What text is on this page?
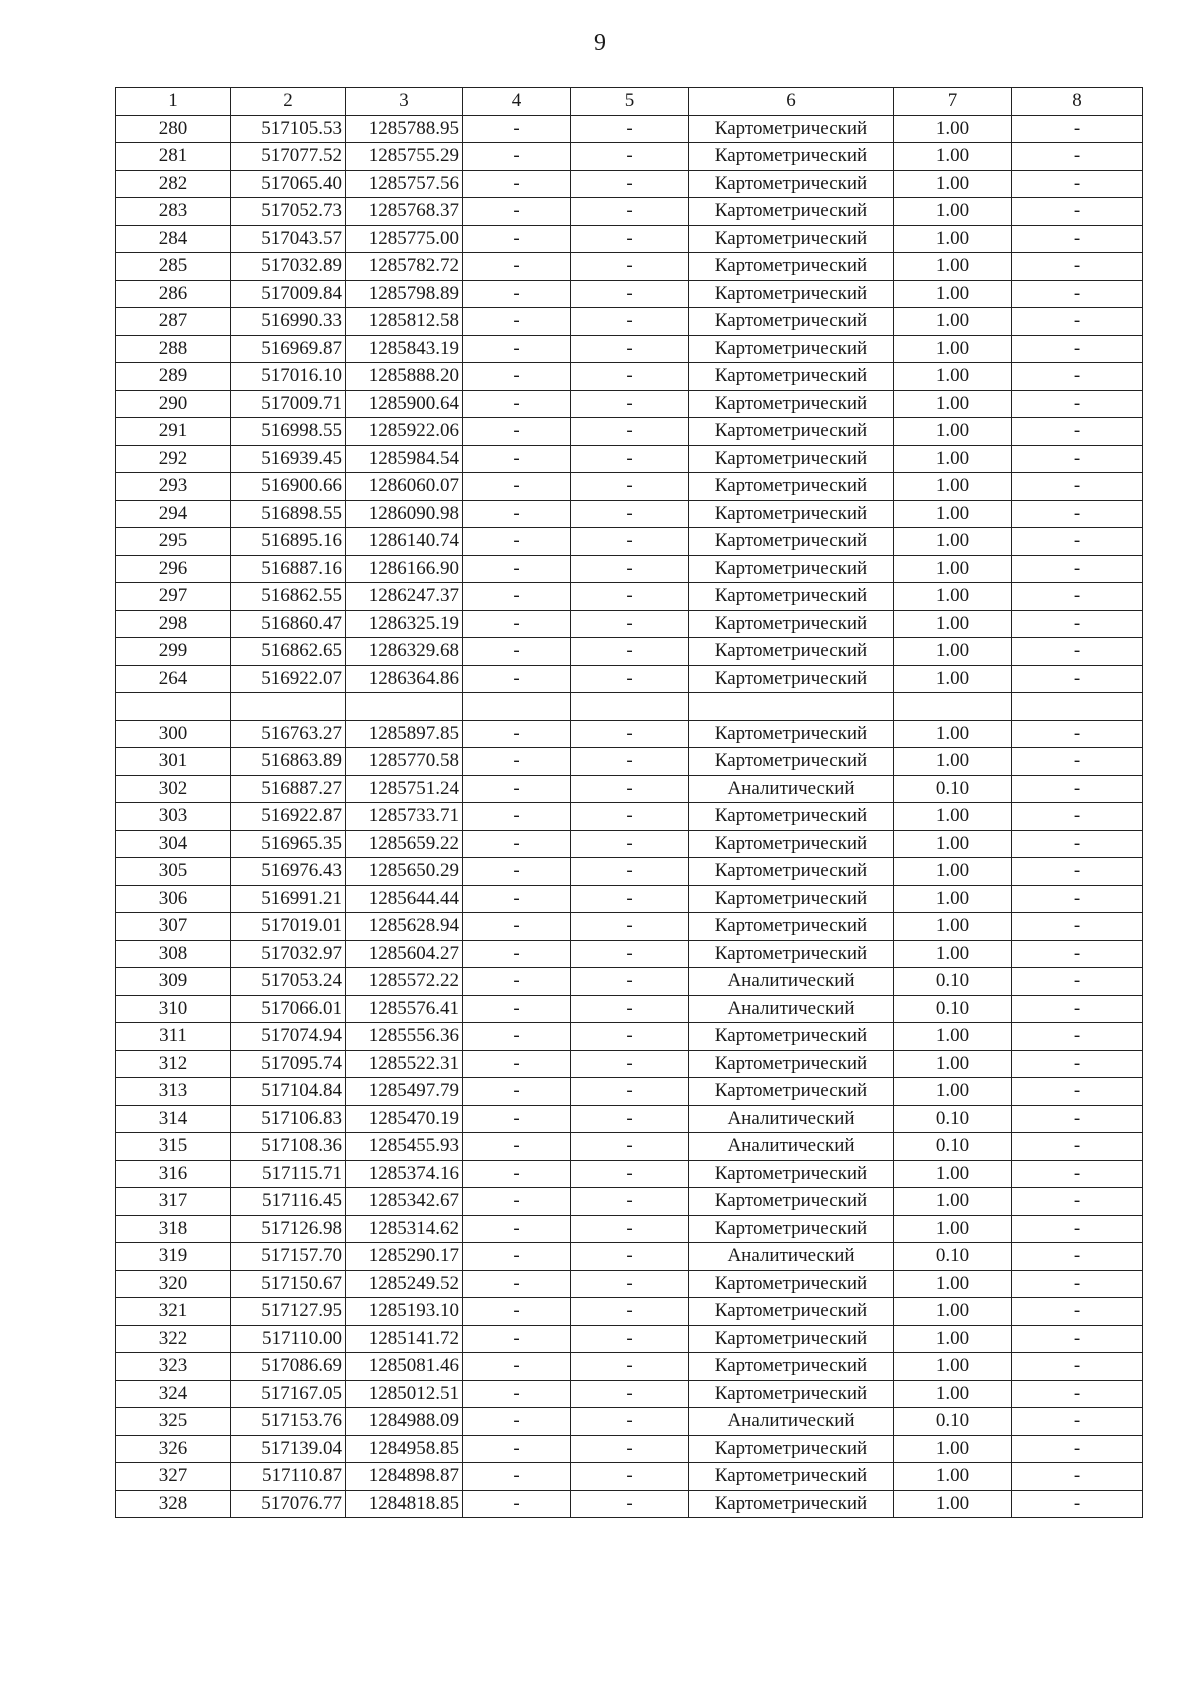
9
1	2	3	4	5	6	7	8
280	517105.53	1285788.95	-	-	Картометрический	1.00	-
281	517077.52	1285755.29	-	-	Картометрический	1.00	-
282	517065.40	1285757.56	-	-	Картометрический	1.00	-
283	517052.73	1285768.37	-	-	Картометрический	1.00	-
284	517043.57	1285775.00	-	-	Картометрический	1.00	-
285	517032.89	1285782.72	-	-	Картометрический	1.00	-
286	517009.84	1285798.89	-	-	Картометрический	1.00	-
287	516990.33	1285812.58	-	-	Картометрический	1.00	-
288	516969.87	1285843.19	-	-	Картометрический	1.00	-
289	517016.10	1285888.20	-	-	Картометрический	1.00	-
290	517009.71	1285900.64	-	-	Картометрический	1.00	-
291	516998.55	1285922.06	-	-	Картометрический	1.00	-
292	516939.45	1285984.54	-	-	Картометрический	1.00	-
293	516900.66	1286060.07	-	-	Картометрический	1.00	-
294	516898.55	1286090.98	-	-	Картометрический	1.00	-
295	516895.16	1286140.74	-	-	Картометрический	1.00	-
296	516887.16	1286166.90	-	-	Картометрический	1.00	-
297	516862.55	1286247.37	-	-	Картометрический	1.00	-
298	516860.47	1286325.19	-	-	Картометрический	1.00	-
299	516862.65	1286329.68	-	-	Картометрический	1.00	-
264	516922.07	1286364.86	-	-	Картометрический	1.00	-

300	516763.27	1285897.85	-	-	Картометрический	1.00	-
301	516863.89	1285770.58	-	-	Картометрический	1.00	-
302	516887.27	1285751.24	-	-	Аналитический	0.10	-
303	516922.87	1285733.71	-	-	Картометрический	1.00	-
304	516965.35	1285659.22	-	-	Картометрический	1.00	-
305	516976.43	1285650.29	-	-	Картометрический	1.00	-
306	516991.21	1285644.44	-	-	Картометрический	1.00	-
307	517019.01	1285628.94	-	-	Картометрический	1.00	-
308	517032.97	1285604.27	-	-	Картометрический	1.00	-
309	517053.24	1285572.22	-	-	Аналитический	0.10	-
310	517066.01	1285576.41	-	-	Аналитический	0.10	-
311	517074.94	1285556.36	-	-	Картометрический	1.00	-
312	517095.74	1285522.31	-	-	Картометрический	1.00	-
313	517104.84	1285497.79	-	-	Картометрический	1.00	-
314	517106.83	1285470.19	-	-	Аналитический	0.10	-
315	517108.36	1285455.93	-	-	Аналитический	0.10	-
316	517115.71	1285374.16	-	-	Картометрический	1.00	-
317	517116.45	1285342.67	-	-	Картометрический	1.00	-
318	517126.98	1285314.62	-	-	Картометрический	1.00	-
319	517157.70	1285290.17	-	-	Аналитический	0.10	-
320	517150.67	1285249.52	-	-	Картометрический	1.00	-
321	517127.95	1285193.10	-	-	Картометрический	1.00	-
322	517110.00	1285141.72	-	-	Картометрический	1.00	-
323	517086.69	1285081.46	-	-	Картометрический	1.00	-
324	517167.05	1285012.51	-	-	Картометрический	1.00	-
325	517153.76	1284988.09	-	-	Аналитический	0.10	-
326	517139.04	1284958.85	-	-	Картометрический	1.00	-
327	517110.87	1284898.87	-	-	Картометрический	1.00	-
328	517076.77	1284818.85	-	-	Картометрический	1.00	-
